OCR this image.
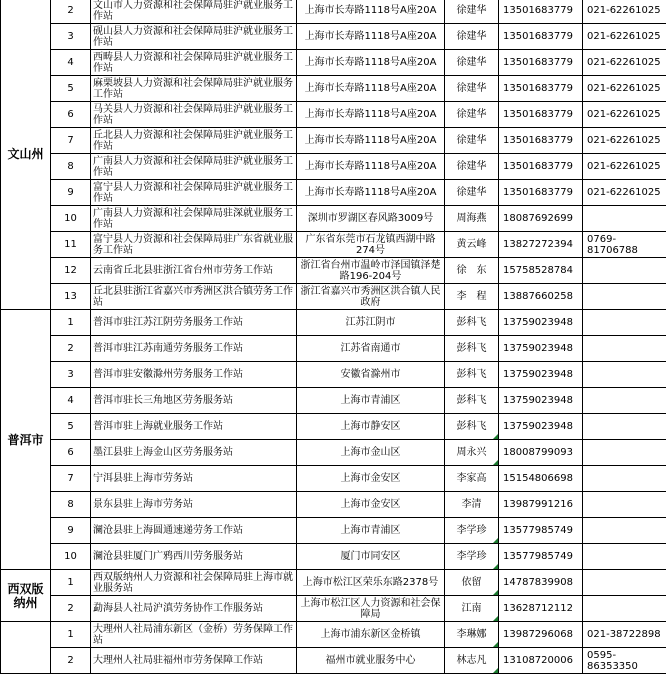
文山州	2	文山市人力资源和社会保障局驻沪就业服务工作站	上海市长寿路1118号A座20A	徐建华	13501683779	021-62261025
	3	砚山县人力资源和社会保障局驻沪就业服务工作站	上海市长寿路1118号A座20A	徐建华	13501683779	021-62261025
	4	西畴县人力资源和社会保障局驻沪就业服务工作站	上海市长寿路1118号A座20A	徐建华	13501683779	021-62261025
	5	麻栗坡县人力资源和社会保障局驻沪就业服务工作站	上海市长寿路1118号A座20A	徐建华	13501683779	021-62261025
	6	马关县人力资源和社会保障局驻沪就业服务工作站	上海市长寿路1118号A座20A	徐建华	13501683779	021-62261025
	7	丘北县人力资源和社会保障局驻沪就业服务工作站	上海市长寿路1118号A座20A	徐建华	13501683779	021-62261025
	8	广南县人力资源和社会保障局驻沪就业服务工作站	上海市长寿路1118号A座20A	徐建华	13501683779	021-62261025
	9	富宁县人力资源和社会保障局驻沪就业服务工作站	上海市长寿路1118号A座20A	徐建华	13501683779	021-62261025
	10	广南县人力资源和社会保障局驻深就业服务工作站	深圳市罗湖区春风路3009号	周海燕	18087692699	
	11	富宁县人力资源和社会保障局驻广东省就业服务工作站	广东省东莞市石龙镇西湖中路274号	黄云峰	13827272394	0769-81706788
	12	云南省丘北县驻浙江省台州市劳务工作站	浙江省台州市温岭市泽国镇泽楚路196-204号	徐　东	15758528784	
	13	丘北县驻浙江省嘉兴市秀洲区洪合镇劳务工作站	浙江省嘉兴市秀洲区洪合镇人民政府	李　程	13887660258	
普洱市	1	普洱市驻江苏江阴劳务服务工作站	江苏江阴市	彭科飞	13759023948	
	2	普洱市驻江苏南通劳务服务工作站	江苏省南通市	彭科飞	13759023948	
	3	普洱市驻安徽滁州劳务服务工作站	安徽省滁州市	彭科飞	13759023948	
	4	普洱市驻长三角地区劳务服务站	上海市青浦区	彭科飞	13759023948	
	5	普洱市驻上海就业服务工作站	上海市静安区	彭科飞	13759023948	
	6	墨江县驻上海金山区劳务服务站	上海市金山区	周永兴	18008799093	
	7	宁洱县驻上海市劳务站	上海市金安区	李家高	15154806698	
	8	景东县驻上海市劳务站	上海市金安区	李清	13987991216	
	9	澜沧县驻上海圆通速递劳务工作站	上海市青浦区	李学珍	13577985749	
	10	澜沧县驻厦门广鸦西川劳务服务站	厦门市同安区	李学珍	13577985749	
西双版纳州	1	西双版纳州人力资源和社会保障局驻上海市就业服务站	上海市松江区荣乐东路2378号	依留	14787839908	
	2	勐海县人社局沪滇劳务协作工作服务站	上海市松江区人力资源和社会保障局	江南	13628712112	
	1	大理州人社局浦东新区（金桥）劳务保障工作站	上海市浦东新区金桥镇	李琳娜	13987296068	021-38722898
	2	大理州人社局驻福州市劳务保障工作站	福州市就业服务中心	林志凡	13108720006	0595-86353350
